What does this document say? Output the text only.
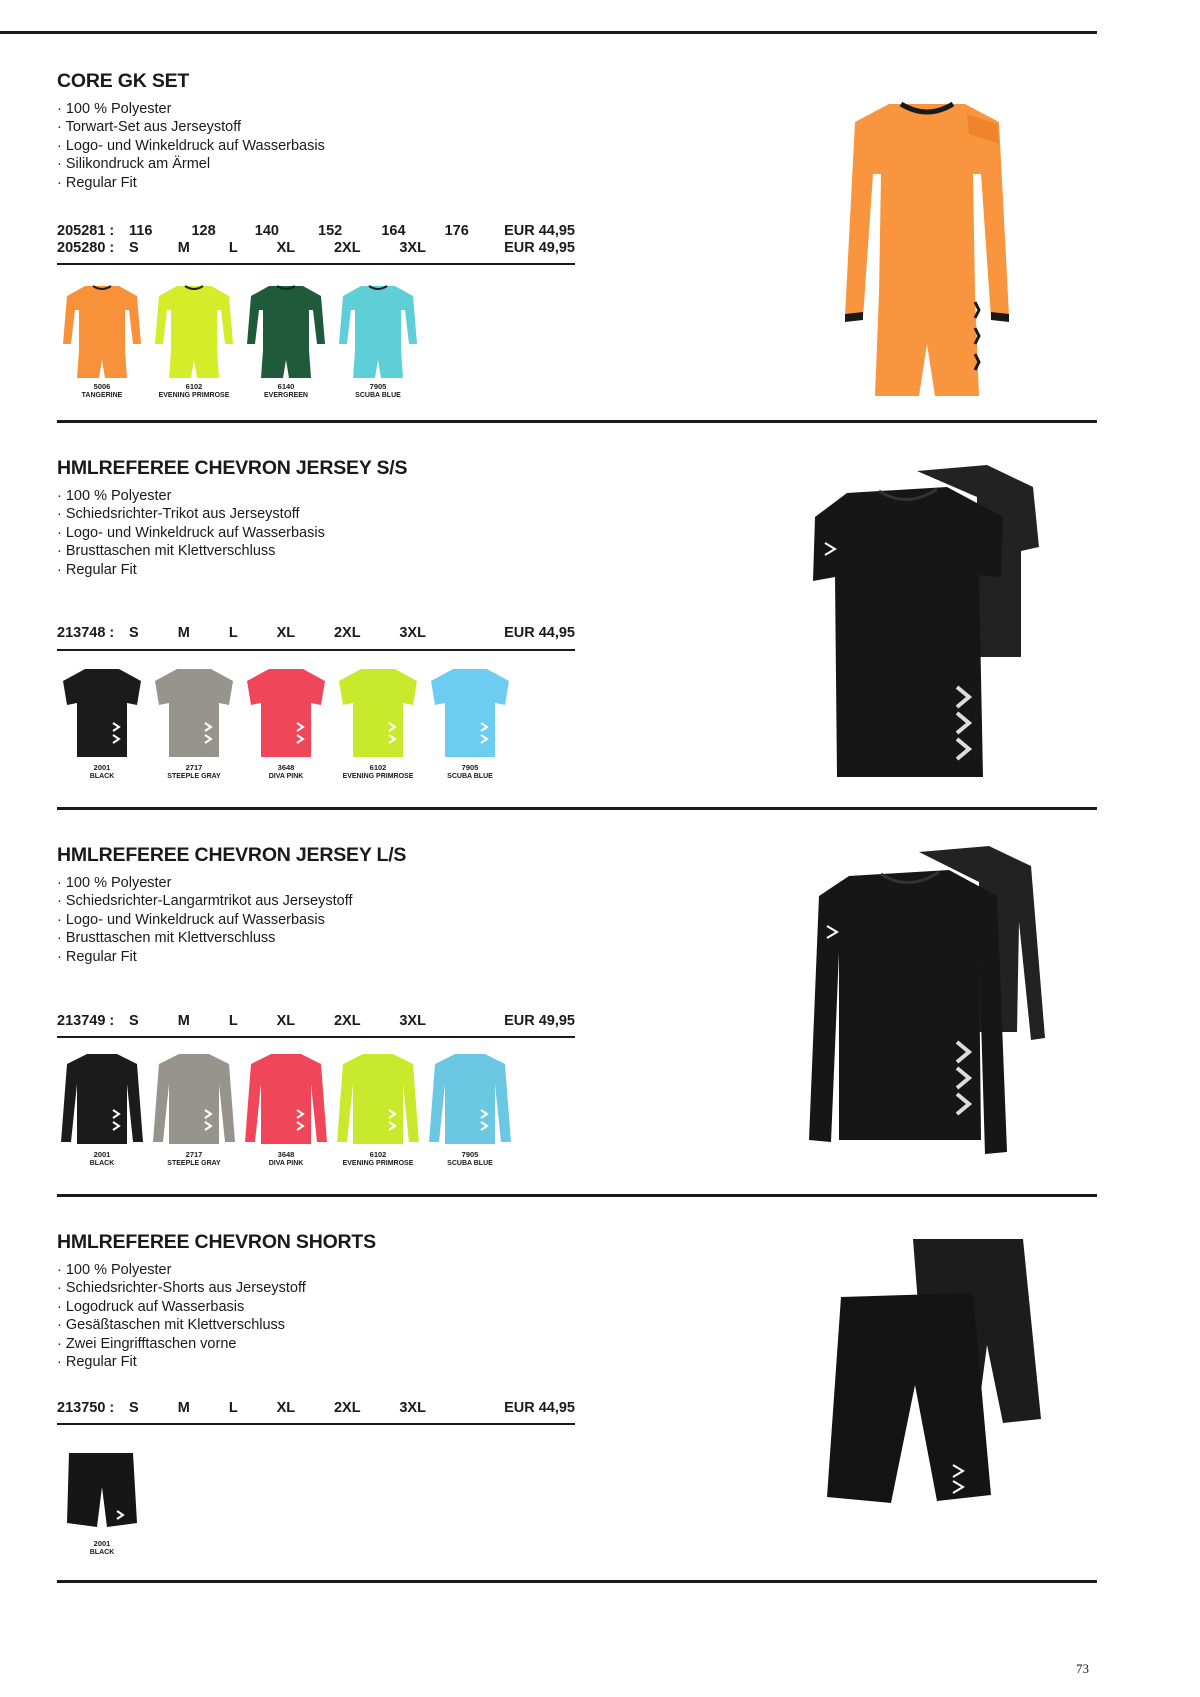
CORE GK SET
· 100 % Polyester
· Torwart-Set aus Jerseystoff
· Logo- und Winkeldruck auf Wasserbasis
· Silikondruck am Ärmel
· Regular Fit
205281 :	116   128   140   152   164   176	EUR 44,95
205280 :	S   M   L   XL   2XL   3XL	EUR 49,95
5006
TANGERINE
6102
EVENING PRIMROSE
6140
EVERGREEN
7905
SCUBA BLUE
HMLREFEREE CHEVRON JERSEY S/S
· 100 % Polyester
· Schiedsrichter-Trikot aus Jerseystoff
· Logo- und Winkeldruck auf Wasserbasis
· Brusttaschen mit Klettverschluss
· Regular Fit
213748 :	S   M   L   XL   2XL   3XL	EUR 44,95
2001
BLACK
2717
STEEPLE GRAY
3648
DIVA PINK
6102
EVENING PRIMROSE
7905
SCUBA BLUE
HMLREFEREE CHEVRON JERSEY L/S
· 100 % Polyester
· Schiedsrichter-Langarmtrikot aus Jerseystoff
· Logo- und Winkeldruck auf Wasserbasis
· Brusttaschen mit Klettverschluss
· Regular Fit
213749 :	S   M   L   XL   2XL   3XL	EUR 49,95
2001
BLACK
2717
STEEPLE GRAY
3648
DIVA PINK
6102
EVENING PRIMROSE
7905
SCUBA BLUE
HMLREFEREE CHEVRON SHORTS
· 100 % Polyester
· Schiedsrichter-Shorts aus Jerseystoff
· Logodruck auf Wasserbasis
· Gesäßtaschen mit Klettverschluss
· Zwei Eingrifftaschen vorne
· Regular Fit
213750 :	S   M   L   XL   2XL   3XL	EUR 44,95
2001
BLACK
73
